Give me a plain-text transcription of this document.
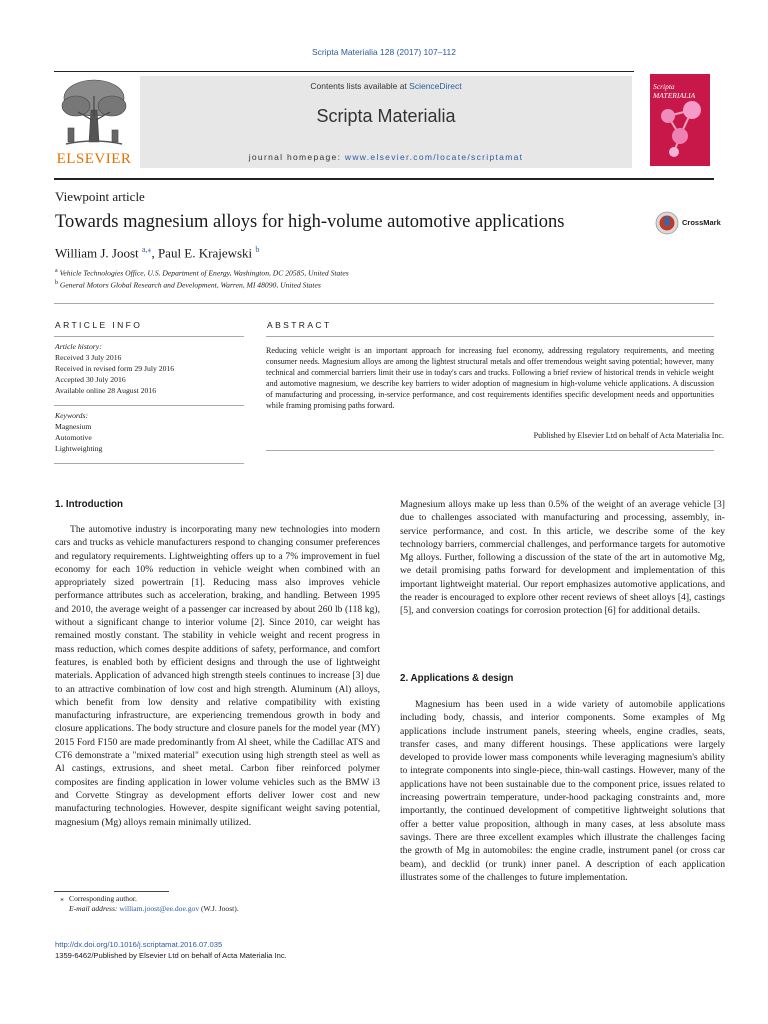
Scripta Materialia 128 (2017) 107–112
ELSEVIER
Contents lists available at ScienceDirect
Scripta Materialia
journal homepage: www.elsevier.com/locate/scriptamat
Scripta MATERIALIA
Viewpoint article
Towards magnesium alloys for high-volume automotive applications	CrossMark
William J. Joost $^{a,⁎}$, Paul E. Krajewski $^b$
$^a$ Vehicle Technologies Office, U.S. Department of Energy, Washington, DC 20585, United States
$^b$ General Motors Global Research and Development, Warren, MI 48090, United States
ARTICLE INFO	ABSTRACT
Article history:
Received 3 July 2016
Received in revised form 29 July 2016
Accepted 30 July 2016
Available online 28 August 2016
Keywords:
Magnesium
Automotive
Lightweighting
Reducing vehicle weight is an important approach for increasing fuel economy, addressing regulatory requirements, and meeting consumer needs. Magnesium alloys are among the lightest structural metals and offer tremendous weight saving potential; however, many technical and commercial barriers limit their use in today's cars and trucks. Following a brief review of historical trends in vehicle weight and automotive magnesium, we describe key barriers to wider adoption of magnesium in high-volume vehicle applications. A discussion of manufacturing and processing, in-service performance, and cost requirements identifies specific development needs and opportunities while framing promising paths forward.
Published by Elsevier Ltd on behalf of Acta Materialia Inc.
1. Introduction

The automotive industry is incorporating many new technologies into modern cars and trucks as vehicle manufacturers respond to changing consumer preferences and regulatory requirements. Lightweighting offers up to a 7% improvement in fuel economy for each 10% reduction in vehicle weight when combined with an appropriately sized powertrain [1]. Reducing mass also improves vehicle performance attributes such as acceleration, braking, and handling. Between 1995 and 2010, the average weight of a passenger car increased by about 260 lb (118 kg), without a significant change to interior volume [2]. Since 2010, car weight has remained mostly constant. The stability in vehicle weight and recent progress in mass reduction, which comes despite additions of safety, performance, and comfort features, is enabled both by efficient designs and through the use of lightweight materials. Application of advanced high strength steels continues to increase [3] due to an attractive combination of low cost and high strength. Aluminum (Al) alloys, which benefit from low density and relative compatibility with existing manufacturing infrastructure, are experiencing tremendous growth in body and closure applications. The body structure and closure panels for the model year (MY) 2015 Ford F150 are made predominantly from Al sheet, while the Cadillac ATS and CT6 demonstrate a "mixed material" execution using high strength steel as well as Al castings, extrusions, and sheet metal. Carbon fiber reinforced polymer composites are finding application in lower volume vehicles such as the BMW i3 and Corvette Stingray as development efforts deliver lower cost and new manufacturing technologies. However, despite significant weight saving potential, magnesium (Mg) alloys remain minimally utilized.

Magnesium alloys make up less than 0.5% of the weight of an average vehicle [3] due to challenges associated with manufacturing and processing, assembly, in-service performance, and cost. In this article, we describe some of the key technology barriers, commercial challenges, and performance targets for automotive Mg alloys. Further, following a discussion of the state of the art in automotive Mg, we detail promising paths forward for development and implementation of this important lightweight material. Our report emphasizes automotive applications, and the reader is encouraged to explore other recent reviews of sheet alloys [4], castings [5], and conversion coatings for corrosion protection [6] for additional details.

2. Applications & design

Magnesium has been used in a wide variety of automobile applications including body, chassis, and interior components. Some examples of Mg applications include instrument panels, steering wheels, engine cradles, seats, transfer cases, and many different housings. These applications were largely developed to provide lower mass components while leveraging magnesium's ability to integrate components into single-piece, thin-wall castings. However, many of the applications have not been sustainable due to the component price, issues related to increasing powertrain temperature, under-hood packaging constraints and, more importantly, the continued development of competitive lightweight solutions that offer a better value proposition, although in many cases, at less absolute mass savings. There are three excellent examples which illustrate the challenges facing the growth of Mg in automobiles: the engine cradle, instrument panel (or cross car beam), and decklid (or trunk) inner panel. A description of each application illustrates some of the challenges to future implementation.

⁎ Corresponding author.
E-mail address: william.joost@ee.doe.gov (W.J. Joost).
http://dx.doi.org/10.1016/j.scriptamat.2016.07.035
1359-6462/Published by Elsevier Ltd on behalf of Acta Materialia Inc.
